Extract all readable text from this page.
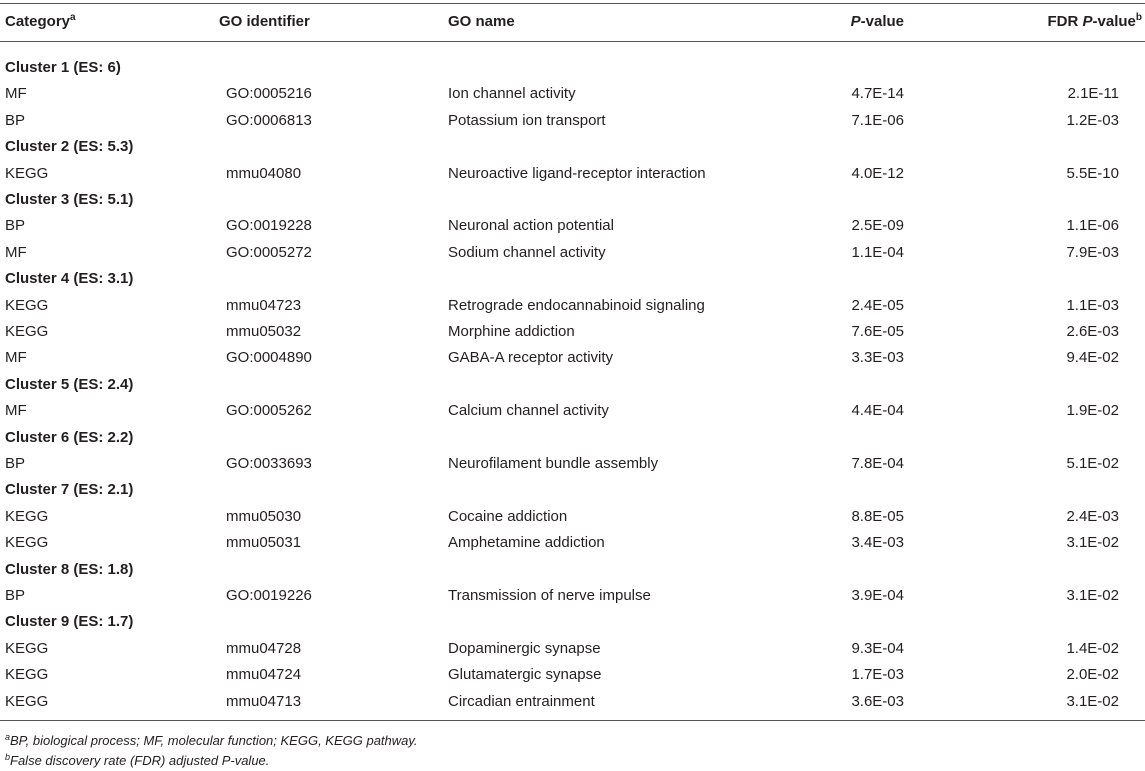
Category$^a$	GO identifier	GO name	P-value	FDR P-value$^b$
Cluster 1 (ES: 6)
MF	GO:0005216	Ion channel activity	4.7E-14	2.1E-11
BP	GO:0006813	Potassium ion transport	7.1E-06	1.2E-03
Cluster 2 (ES: 5.3)
KEGG	mmu04080	Neuroactive ligand-receptor interaction	4.0E-12	5.5E-10
Cluster 3 (ES: 5.1)
BP	GO:0019228	Neuronal action potential	2.5E-09	1.1E-06
MF	GO:0005272	Sodium channel activity	1.1E-04	7.9E-03
Cluster 4 (ES: 3.1)
KEGG	mmu04723	Retrograde endocannabinoid signaling	2.4E-05	1.1E-03
KEGG	mmu05032	Morphine addiction	7.6E-05	2.6E-03
MF	GO:0004890	GABA-A receptor activity	3.3E-03	9.4E-02
Cluster 5 (ES: 2.4)
MF	GO:0005262	Calcium channel activity	4.4E-04	1.9E-02
Cluster 6 (ES: 2.2)
BP	GO:0033693	Neurofilament bundle assembly	7.8E-04	5.1E-02
Cluster 7 (ES: 2.1)
KEGG	mmu05030	Cocaine addiction	8.8E-05	2.4E-03
KEGG	mmu05031	Amphetamine addiction	3.4E-03	3.1E-02
Cluster 8 (ES: 1.8)
BP	GO:0019226	Transmission of nerve impulse	3.9E-04	3.1E-02
Cluster 9 (ES: 1.7)
KEGG	mmu04728	Dopaminergic synapse	9.3E-04	1.4E-02
KEGG	mmu04724	Glutamatergic synapse	1.7E-03	2.0E-02
KEGG	mmu04713	Circadian entrainment	3.6E-03	3.1E-02
$^a$BP, biological process; MF, molecular function; KEGG, KEGG pathway.
$^b$False discovery rate (FDR) adjusted P-value.
